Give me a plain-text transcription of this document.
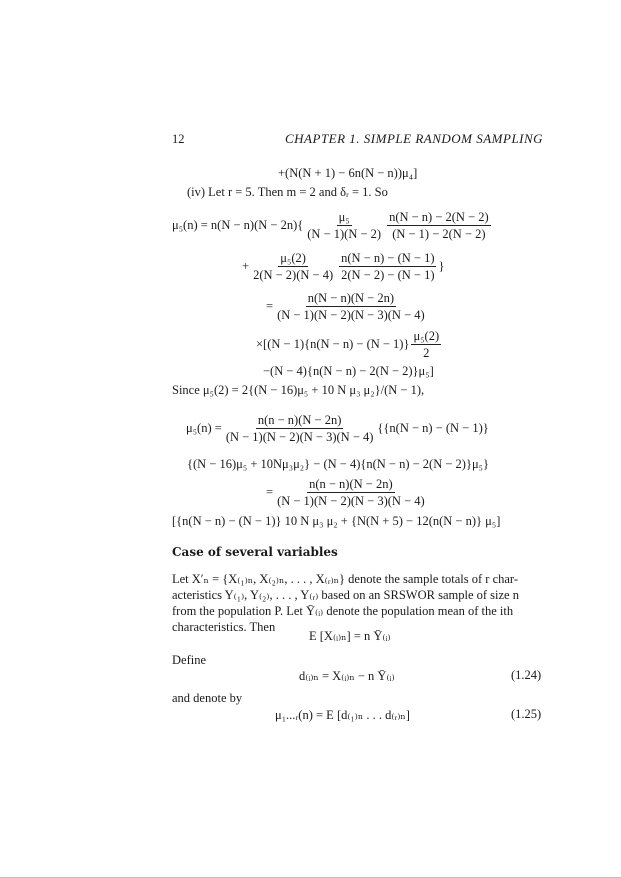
12	CHAPTER 1. SIMPLE RANDOM SAMPLING
+(N(N + 1) − 6n(N − n))μ₄]
(iv) Let r = 5. Then m = 2 and δᵣ = 1. So
$\mu_5(n) = n(N - n)(N - 2n)\{ \frac{\text{μ₅}}{(N - 1)(N - 2)} \frac{n(N - n) - 2(N - 2)}{(N - 1) - 2(N - 2)}$
+ $\frac{\text{μ₅(2)}}{2(N - 2)(N - 4)} \frac{n(N - n) - (N - 1)}{2(N - 2) - (N - 1)}$ }
= $\frac{n(N - n)(N - 2n)}{(N - 1)(N - 2)(N - 3)(N - 4)}$
$\times[(N - 1)\{n(N - n) - (N - 1)\} \frac{\text{μ₅(2)}}{2}$
−(N − 4){n(N − n) − 2(N − 2)}μ₅]
Since μ₅(2) = 2{(N − 16)μ₅ + 10 N μ₃ μ₂}/(N − 1),
$\mu_5(n) = \frac{n(n - n)(N - 2n)}{(N - 1)(N - 2)(N - 3)(N - 4)} \{\{n(N - n) - (N - 1)\}$
{(N − 16)μ₅ + 10Nμ₃μ₂} − (N − 4){n(N − n) − 2(N − 2)}μ₅}
= $\frac{n(n - n)(N - 2n)}{(N - 1)(N - 2)(N - 3)(N - 4)}$
[{n(N − n) − (N − 1)} 10 N μ₃ μ₂ + {N(N + 5) − 12(n(N − n)} μ₅]
Case of several variables
Let X′ₙ = {X₍₁₎ₙ, X₍₂₎ₙ, . . . , X₍ᵣ₎ₙ} denote the sample totals of r char-
acteristics Y₍₁₎, Y₍₂₎, . . . , Y₍ᵣ₎ based on an SRSWOR sample of size n
from the population P. Let Ȳ₍ᵢ₎ denote the population mean of the ith
characteristics. Then
E [X₍ᵢ₎ₙ] = n Ȳ₍ᵢ₎
Define
d₍ᵢ₎ₙ = X₍ᵢ₎ₙ − n Ȳ₍ᵢ₎	(1.24)
and denote by
μ₁...ᵣ(n) = E [d₍₁₎ₙ . . . d₍ᵣ₎ₙ]	(1.25)
